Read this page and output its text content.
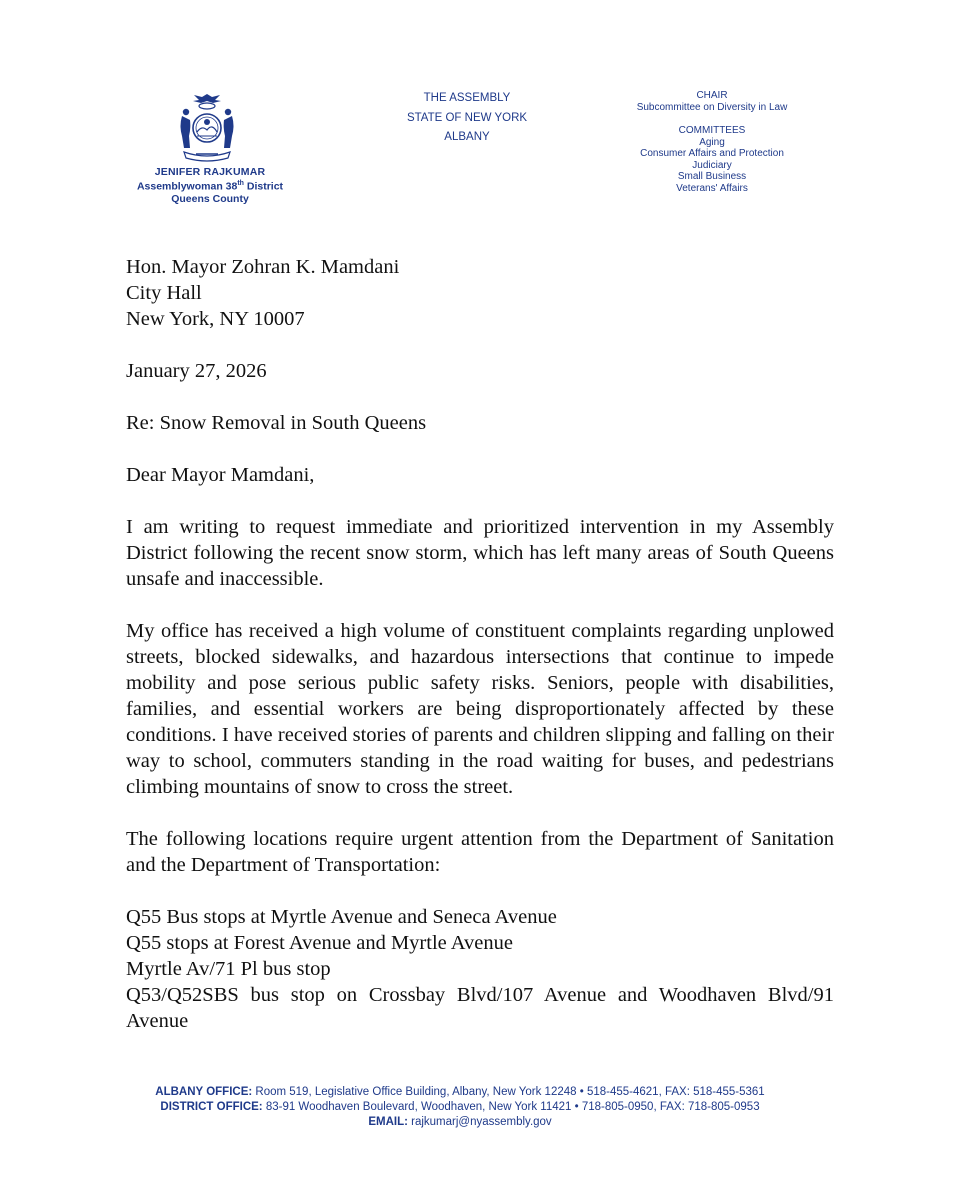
JENIFER RAJKUMAR
Assemblywoman 38th District
Queens County
THE ASSEMBLY
STATE OF NEW YORK
ALBANY
CHAIR
Subcommittee on Diversity in Law
COMMITTEES
Aging
Consumer Affairs and Protection
Judiciary
Small Business
Veterans' Affairs
Hon. Mayor Zohran K. Mamdani
City Hall
New York, NY 10007

January 27, 2026

Re: Snow Removal in South Queens

Dear Mayor Mamdani,

I am writing to request immediate and prioritized intervention in my Assembly District following the recent snow storm, which has left many areas of South Queens unsafe and inaccessible.

My office has received a high volume of constituent complaints regarding unplowed streets, blocked sidewalks, and hazardous intersections that continue to impede mobility and pose serious public safety risks. Seniors, people with disabilities, families, and essential workers are being disproportionately affected by these conditions. I have received stories of parents and children slipping and falling on their way to school, commuters standing in the road waiting for buses, and pedestrians climbing mountains of snow to cross the street.

The following locations require urgent attention from the Department of Sanitation and the Department of Transportation:

Q55 Bus stops at Myrtle Avenue and Seneca Avenue
Q55 stops at Forest Avenue and Myrtle Avenue
Myrtle Av/71 Pl bus stop
Q53/Q52SBS bus stop on Crossbay Blvd/107 Avenue and Woodhaven Blvd/91 Avenue
ALBANY OFFICE: Room 519, Legislative Office Building, Albany, New York 12248 • 518-455-4621, FAX: 518-455-5361
DISTRICT OFFICE: 83-91 Woodhaven Boulevard, Woodhaven, New York 11421 • 718-805-0950, FAX: 718-805-0953
EMAIL: rajkumarj@nyassembly.gov
